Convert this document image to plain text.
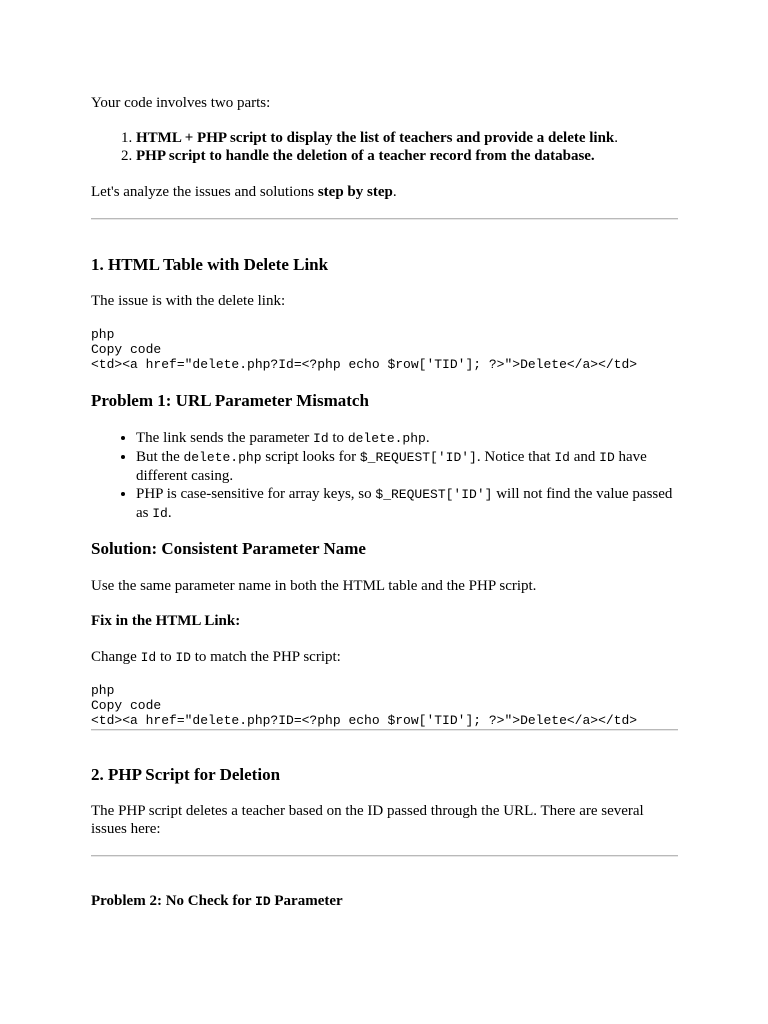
Your code involves two parts:

1. HTML + PHP script to display the list of teachers and provide a delete link.
2. PHP script to handle the deletion of a teacher record from the database.

Let's analyze the issues and solutions step by step.

1. HTML Table with Delete Link

The issue is with the delete link:

php
Copy code
<td><a href="delete.php?Id=<?php echo $row['TID']; ?>">Delete</a></td>
Problem 1: URL Parameter Mismatch
• The link sends the parameter Id to delete.php.
• But the delete.php script looks for $_REQUEST['ID']. Notice that Id and ID have different casing.
• PHP is case-sensitive for array keys, so $_REQUEST['ID'] will not find the value passed as Id.
Solution: Consistent Parameter Name

Use the same parameter name in both the HTML table and the PHP script.

Fix in the HTML Link:

Change Id to ID to match the PHP script:

php
Copy code
<td><a href="delete.php?ID=<?php echo $row['TID']; ?>">Delete</a></td>
2. PHP Script for Deletion

The PHP script deletes a teacher based on the ID passed through the URL. There are several issues here:

Problem 2: No Check for ID Parameter
